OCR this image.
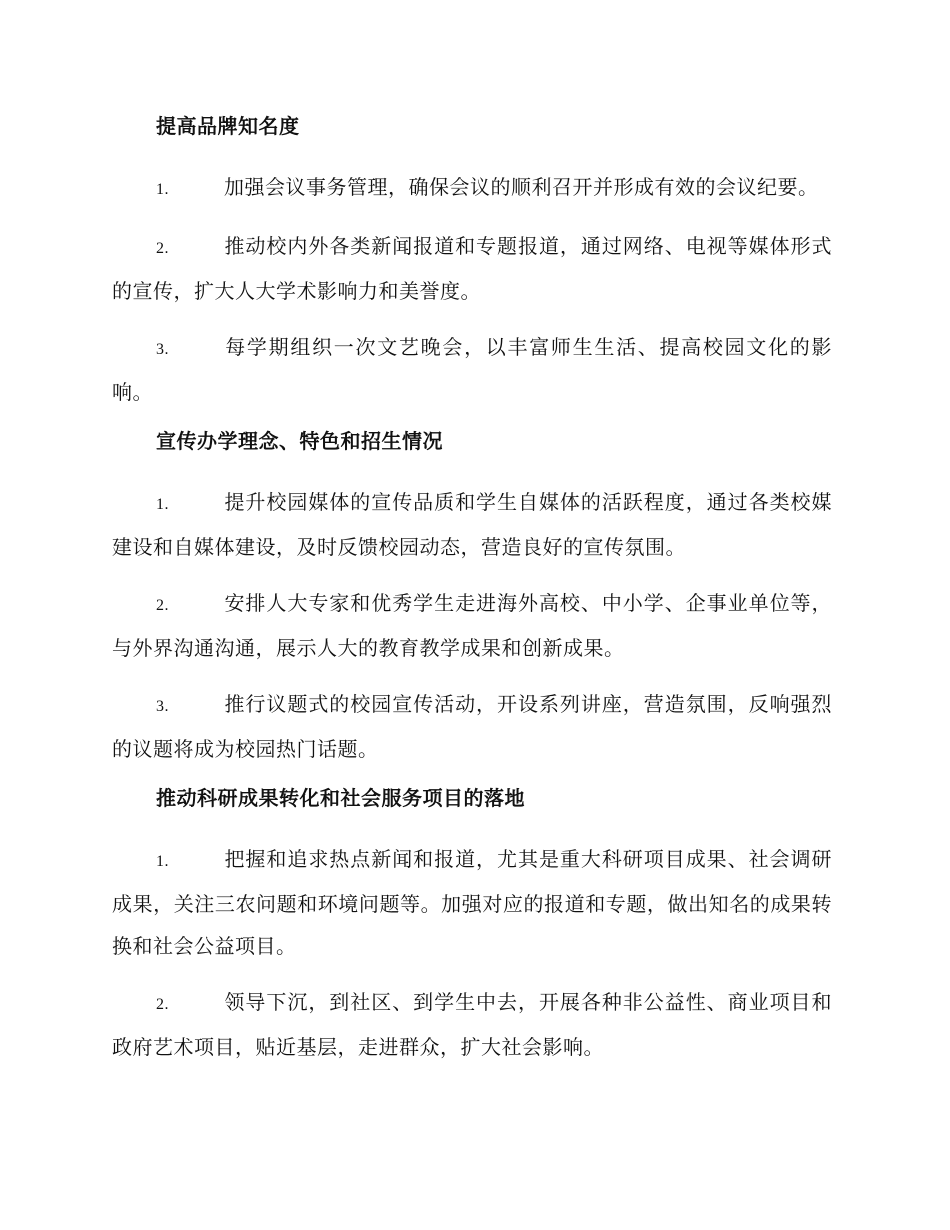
提高品牌知名度

1.	加强会议事务管理，确保会议的顺利召开并形成有效的会议纪要。

2.	推动校内外各类新闻报道和专题报道，通过网络、电视等媒体形式的宣传，扩大人大学术影响力和美誉度。

3.	每学期组织一次文艺晚会，以丰富师生生活、提高校园文化的影响。

宣传办学理念、特色和招生情况

1.	提升校园媒体的宣传品质和学生自媒体的活跃程度，通过各类校媒建设和自媒体建设，及时反馈校园动态，营造良好的宣传氛围。

2.	安排人大专家和优秀学生走进海外高校、中小学、企事业单位等，与外界沟通沟通，展示人大的教育教学成果和创新成果。

3.	推行议题式的校园宣传活动，开设系列讲座，营造氛围，反响强烈的议题将成为校园热门话题。

推动科研成果转化和社会服务项目的落地

1.	把握和追求热点新闻和报道，尤其是重大科研项目成果、社会调研成果，关注三农问题和环境问题等。加强对应的报道和专题，做出知名的成果转换和社会公益项目。

2.	领导下沉，到社区、到学生中去，开展各种非公益性、商业项目和政府艺术项目，贴近基层，走进群众，扩大社会影响。
